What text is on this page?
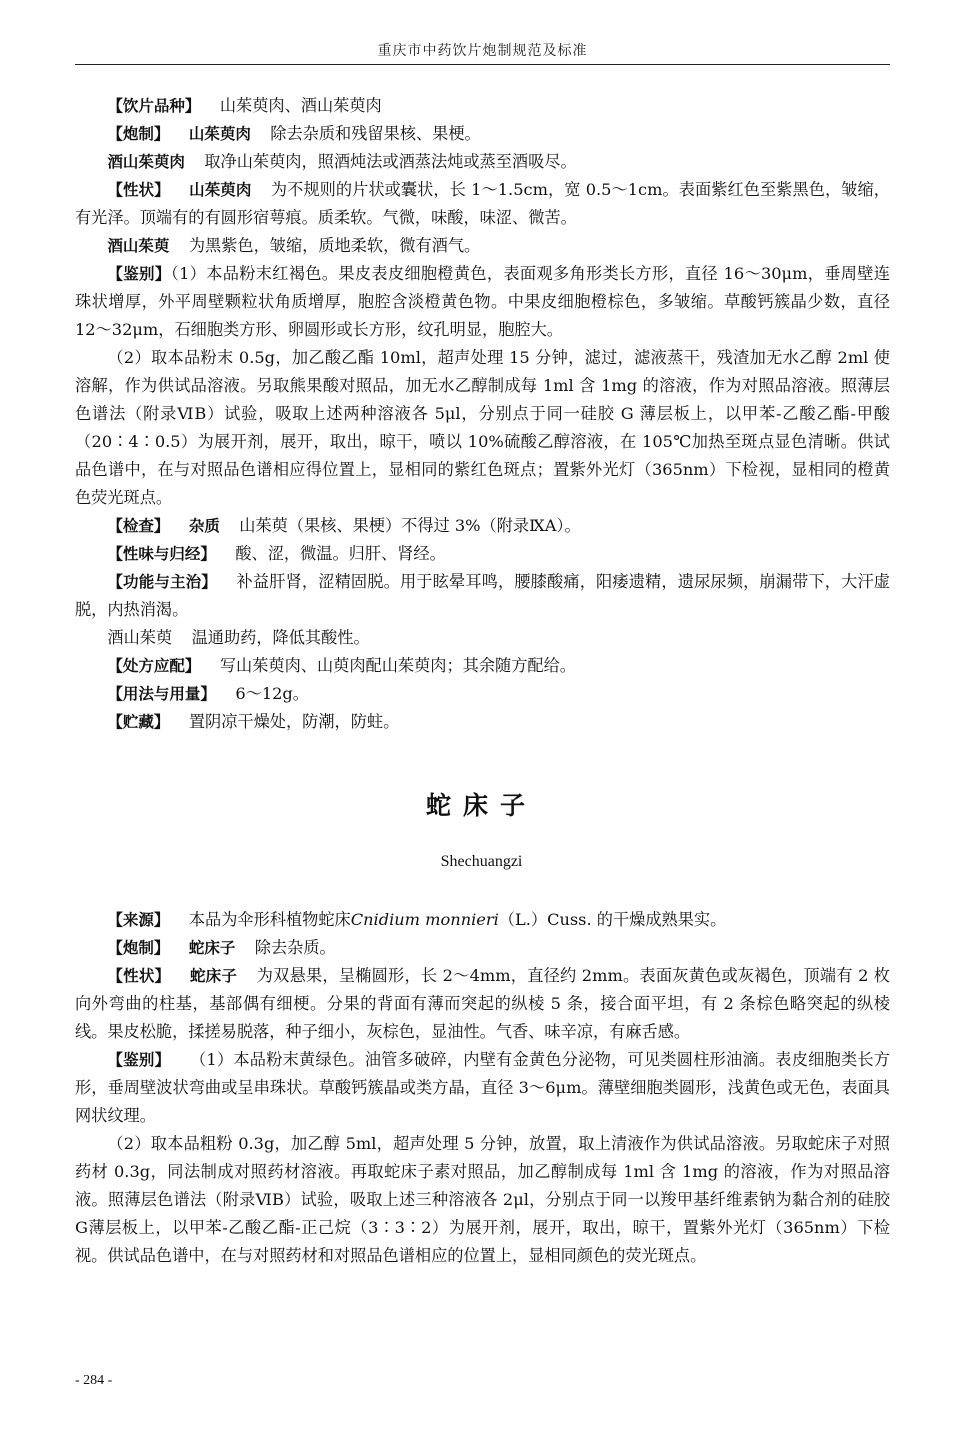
重庆市中药饮片炮制规范及标准

【饮片品种】 山茱萸肉、酒山茱萸肉

【炮制】 山茱萸肉 除去杂质和残留果核、果梗。

酒山茱萸肉 取净山茱萸肉，照酒炖法或酒蒸法炖或蒸至酒吸尽。

【性状】 山茱萸肉 为不规则的片状或囊状，长 1～1.5cm，宽 0.5～1cm。表面紫红色至紫黑色，皱缩，有光泽。顶端有的有圆形宿萼痕。质柔软。气微，味酸，味涩、微苦。

酒山茱萸 为黑紫色，皱缩，质地柔软，微有酒气。

【鉴别】（1）本品粉末红褐色。果皮表皮细胞橙黄色，表面观多角形类长方形，直径 16～30μm，垂周壁连珠状增厚，外平周壁颗粒状角质增厚，胞腔含淡橙黄色物。中果皮细胞橙棕色，多皱缩。草酸钙簇晶少数，直径 12～32μm，石细胞类方形、卵圆形或长方形，纹孔明显，胞腔大。

（2）取本品粉末 0.5g，加乙酸乙酯 10ml，超声处理 15 分钟，滤过，滤液蒸干，残渣加无水乙醇 2ml 使溶解，作为供试品溶液。另取熊果酸对照品，加无水乙醇制成每 1ml 含 1mg 的溶液，作为对照品溶液。照薄层色谱法（附录ⅥB）试验，吸取上述两种溶液各 5μl，分别点于同一硅胶 G 薄层板上，以甲苯-乙酸乙酯-甲酸（20∶4∶0.5）为展开剂，展开，取出，晾干，喷以 10%硫酸乙醇溶液，在 105℃加热至斑点显色清晰。供试品色谱中，在与对照品色谱相应得位置上，显相同的紫红色斑点；置紫外光灯（365nm）下检视，显相同的橙黄色荧光斑点。

【检查】 杂质 山茱萸（果核、果梗）不得过 3%（附录ⅨA）。

【性味与归经】 酸、涩，微温。归肝、肾经。

【功能与主治】 补益肝肾，涩精固脱。用于眩晕耳鸣，腰膝酸痛，阳痿遗精，遗尿尿频，崩漏带下，大汗虚脱，内热消渴。

酒山茱萸 温通助药，降低其酸性。

【处方应配】 写山茱萸肉、山萸肉配山茱萸肉；其余随方配给。

【用法与用量】 6～12g。

【贮藏】 置阴凉干燥处，防潮，防蛀。

蛇床子
Shechuangzi

【来源】 本品为伞形科植物蛇床Cnidium monnieri（L.）Cuss. 的干燥成熟果实。

【炮制】 蛇床子 除去杂质。

【性状】 蛇床子 为双悬果，呈椭圆形，长 2～4mm，直径约 2mm。表面灰黄色或灰褐色，顶端有 2 枚向外弯曲的柱基，基部偶有细梗。分果的背面有薄而突起的纵棱 5 条，接合面平坦，有 2 条棕色略突起的纵棱线。果皮松脆，揉搓易脱落，种子细小，灰棕色，显油性。气香、味辛凉，有麻舌感。

【鉴别】 （1）本品粉末黄绿色。油管多破碎，内壁有金黄色分泌物，可见类圆柱形油滴。表皮细胞类长方形，垂周壁波状弯曲或呈串珠状。草酸钙簇晶或类方晶，直径 3～6μm。薄壁细胞类圆形，浅黄色或无色，表面具网状纹理。

（2）取本品粗粉 0.3g，加乙醇 5ml，超声处理 5 分钟，放置，取上清液作为供试品溶液。另取蛇床子对照药材 0.3g，同法制成对照药材溶液。再取蛇床子素对照品，加乙醇制成每 1ml 含 1mg 的溶液，作为对照品溶液。照薄层色谱法（附录ⅥB）试验，吸取上述三种溶液各 2μl，分别点于同一以羧甲基纤维素钠为黏合剂的硅胶G薄层板上，以甲苯-乙酸乙酯-正己烷（3∶3∶2）为展开剂，展开，取出，晾干，置紫外光灯（365nm）下检视。供试品色谱中，在与对照药材和对照品色谱相应的位置上，显相同颜色的荧光斑点。

- 284 -
